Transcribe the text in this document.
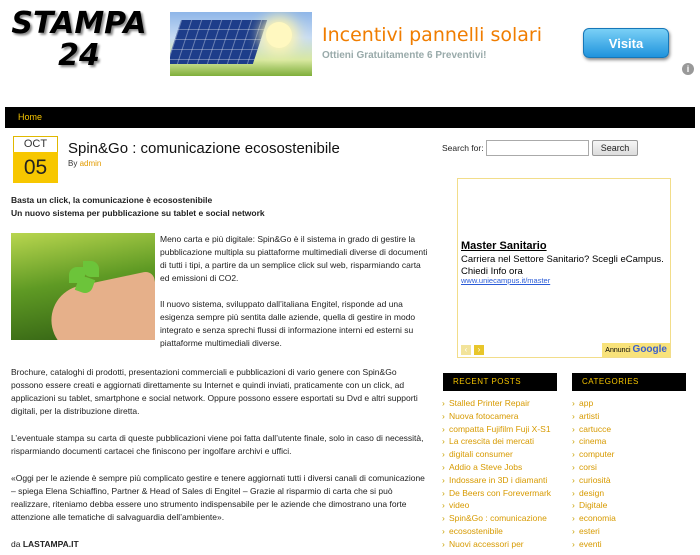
STAMPA
24
Incentivi pannelli solari
Ottieni Gratuitamente 6 Preventivi!
Visita
i
Home
OCT
05
Spin&Go : comunicazione ecosostenibile
By admin
Basta un click, la comunicazione è ecosostenibile
Un nuovo sistema per pubblicazione su tablet e social network
Meno carta e più digitale: Spin&Go è il sistema in grado di gestire la pubblicazione multipla su piattaforme multimediali diverse di documenti di tutti i tipi, a partire da un semplice click sul web, risparmiando carta ed emissioni di CO2.
Il nuovo sistema, sviluppato dall’italiana Engitel, risponde ad una esigenza sempre più sentita dalle aziende, quella di gestire in modo integrato e senza sprechi flussi di informazione interni ed esterni su piattaforme multimediali diverse.
Brochure, cataloghi di prodotti, presentazioni commerciali e pubblicazioni di vario genere con Spin&Go possono essere creati e aggiornati direttamente su Internet e quindi inviati, praticamente con un click, ad applicazioni su tablet, smartphone e social network. Oppure possono essere esportati su Dvd e altri supporti digitali, per la distribuzione diretta.
L’eventuale stampa su carta di queste pubblicazioni viene poi fatta dall’utente finale, solo in caso di necessità, risparmiando documenti cartacei che finiscono per ingolfare archivi e uffici.
«Oggi per le aziende è sempre più complicato gestire e tenere aggiornati tutti i diversi canali di comunicazione – spiega Elena Schiaffino, Partner & Head of Sales di Engitel – Grazie al risparmio di carta che si può realizzare, riteniamo debba essere uno strumento indispensabile per le aziende che dimostrano una forte attenzione alle tematiche di salvaguardia dell’ambiente».
da LASTAMPA.IT
Search for:	Search
Master Sanitario
Carriera nel Settore Sanitario? Scegli eCampus. Chiedi Info ora
www.uniecampus.it/master
‹	›	Annunci Google
RECENT POSTS
› Stalled Printer Repair
› Nuova fotocamera
› compatta Fujifilm Fuji X-S1
› La crescita dei mercati
› digitali consumer
› Addio a Steve Jobs
› Indossare in 3D i diamanti
› De Beers con Forevermark
› video
› Spin&Go : comunicazione
› ecosostenibile
› Nuovi accessori per
CATEGORIES
› app
› artisti
› cartucce
› cinema
› computer
› corsi
› curiosità
› design
› Digitale
› economia
› esteri
› eventi
